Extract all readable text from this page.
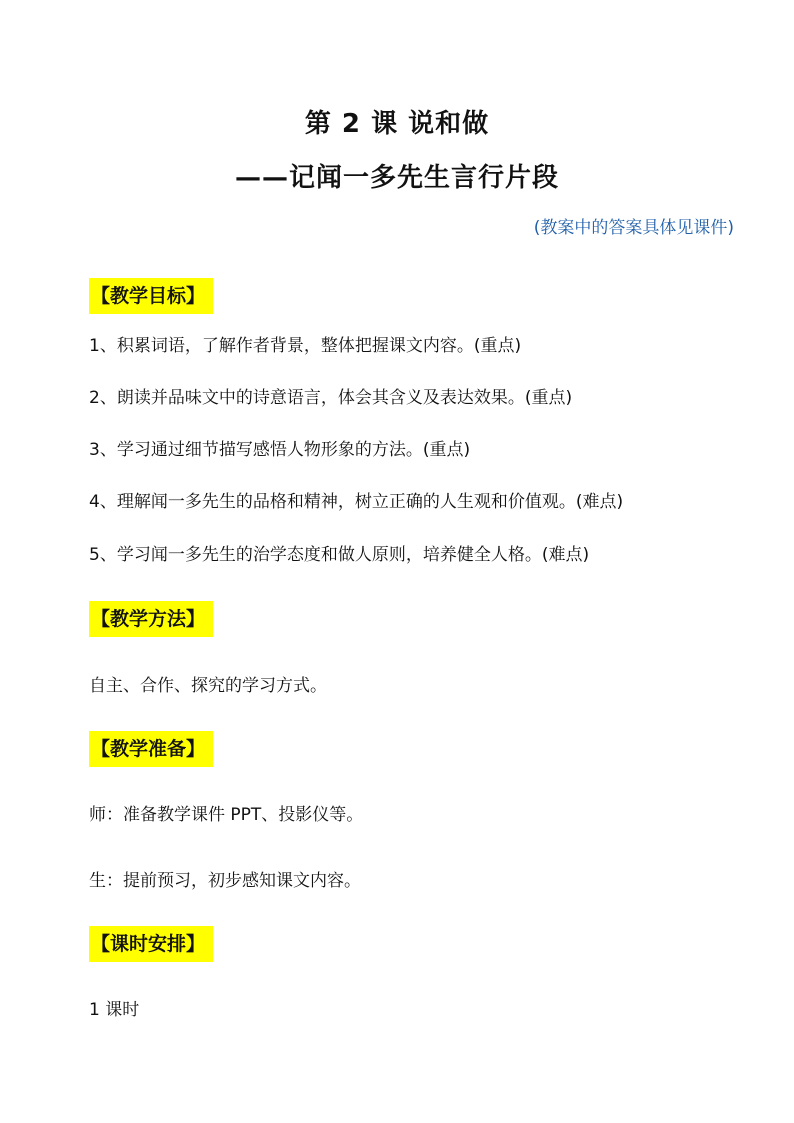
第 2 课 说和做
——记闻一多先生言行片段
(教案中的答案具体见课件)
【教学目标】
1、积累词语，了解作者背景，整体把握课文内容。(重点)
2、朗读并品味文中的诗意语言，体会其含义及表达效果。(重点)
3、学习通过细节描写感悟人物形象的方法。(重点)
4、理解闻一多先生的品格和精神，树立正确的人生观和价值观。(难点)
5、学习闻一多先生的治学态度和做人原则，培养健全人格。(难点)
【教学方法】
自主、合作、探究的学习方式。
【教学准备】
师：准备教学课件 PPT、投影仪等。
生：提前预习，初步感知课文内容。
【课时安排】
1 课时
